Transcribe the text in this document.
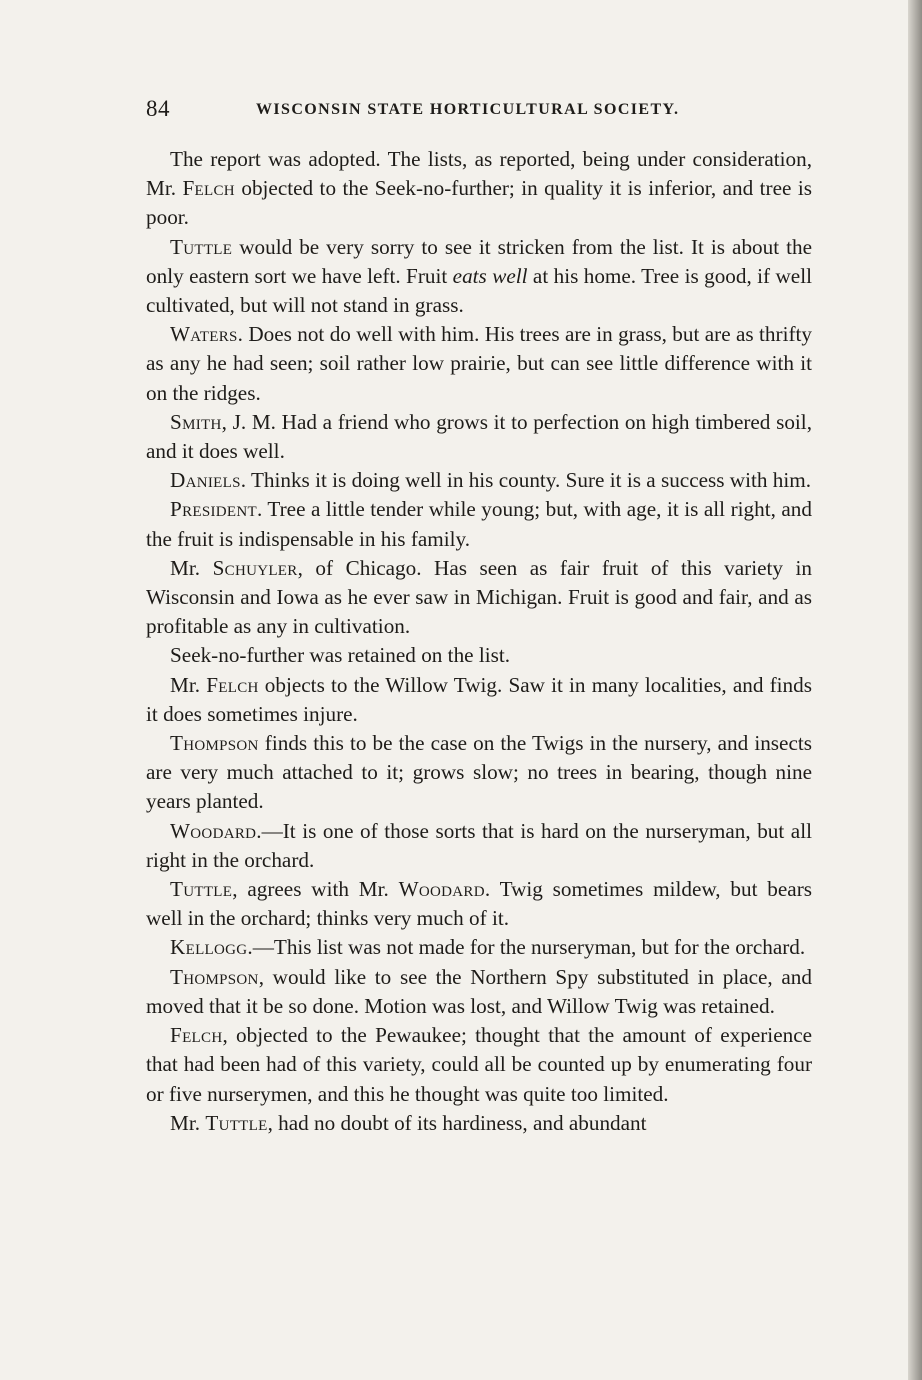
84	WISCONSIN STATE HORTICULTURAL SOCIETY.

The report was adopted. The lists, as reported, being under consideration, Mr. Felch objected to the Seek-no-further; in quality it is inferior, and tree is poor.

Tuttle would be very sorry to see it stricken from the list. It is about the only eastern sort we have left. Fruit eats well at his home. Tree is good, if well cultivated, but will not stand in grass.

Waters. Does not do well with him. His trees are in grass, but are as thrifty as any he had seen; soil rather low prairie, but can see little difference with it on the ridges.

Smith, J. M. Had a friend who grows it to perfection on high timbered soil, and it does well.

Daniels. Thinks it is doing well in his county. Sure it is a success with him.

President. Tree a little tender while young; but, with age, it is all right, and the fruit is indispensable in his family.

Mr. Schuyler, of Chicago. Has seen as fair fruit of this variety in Wisconsin and Iowa as he ever saw in Michigan. Fruit is good and fair, and as profitable as any in cultivation.

Seek-no-further was retained on the list.

Mr. Felch objects to the Willow Twig. Saw it in many localities, and finds it does sometimes injure.

Thompson finds this to be the case on the Twigs in the nursery, and insects are very much attached to it; grows slow; no trees in bearing, though nine years planted.

Woodard.—It is one of those sorts that is hard on the nurseryman, but all right in the orchard.

Tuttle, agrees with Mr. Woodard. Twig sometimes mildew, but bears well in the orchard; thinks very much of it.

Kellogg.—This list was not made for the nurseryman, but for the orchard.

Thompson, would like to see the Northern Spy substituted in place, and moved that it be so done. Motion was lost, and Willow Twig was retained.

Felch, objected to the Pewaukee; thought that the amount of experience that had been had of this variety, could all be counted up by enumerating four or five nurserymen, and this he thought was quite too limited.

Mr. Tuttle, had no doubt of its hardiness, and abundant
